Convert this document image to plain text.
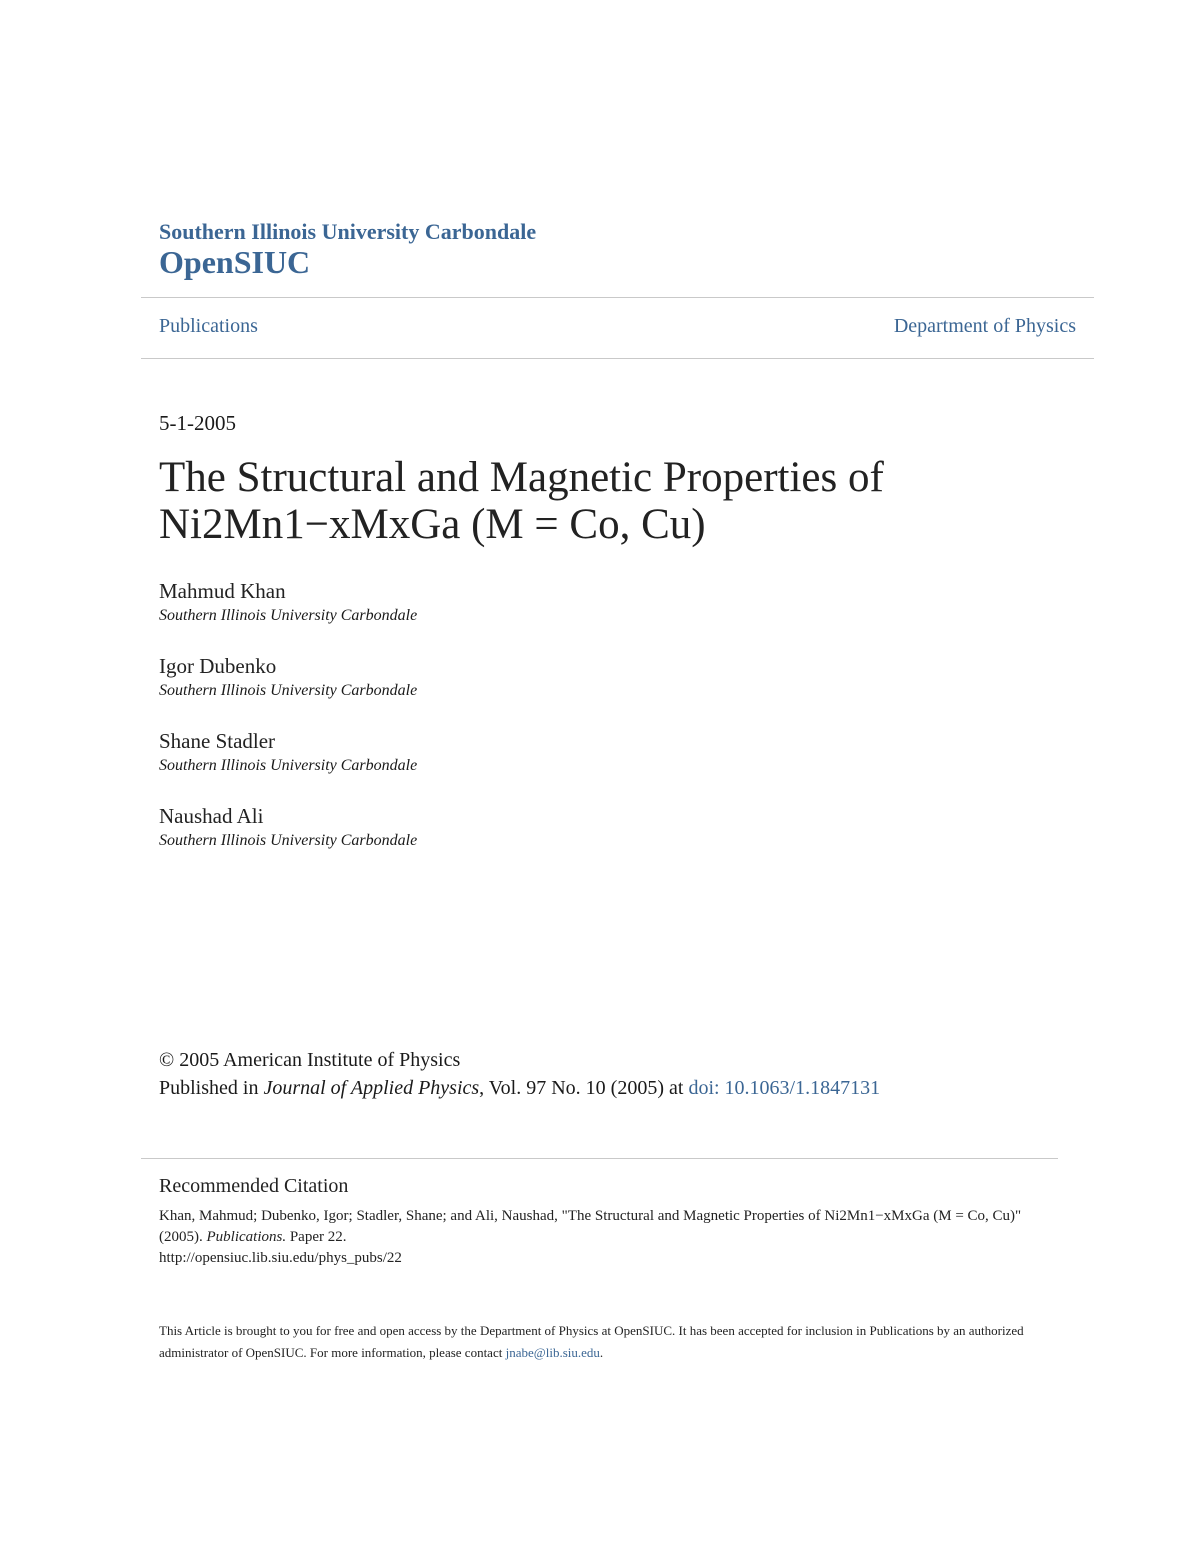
Southern Illinois University Carbondale
OpenSIUC
Publications	Department of Physics
5-1-2005
The Structural and Magnetic Properties of Ni2Mn1−xMxGa (M = Co, Cu)
Mahmud Khan
Southern Illinois University Carbondale
Igor Dubenko
Southern Illinois University Carbondale
Shane Stadler
Southern Illinois University Carbondale
Naushad Ali
Southern Illinois University Carbondale
© 2005 American Institute of Physics
Published in Journal of Applied Physics, Vol. 97 No. 10 (2005) at doi: 10.1063/1.1847131
Recommended Citation
Khan, Mahmud; Dubenko, Igor; Stadler, Shane; and Ali, Naushad, "The Structural and Magnetic Properties of Ni2Mn1−xMxGa (M = Co, Cu)" (2005). Publications. Paper 22.
http://opensiuc.lib.siu.edu/phys_pubs/22
This Article is brought to you for free and open access by the Department of Physics at OpenSIUC. It has been accepted for inclusion in Publications by an authorized administrator of OpenSIUC. For more information, please contact jnabe@lib.siu.edu.
